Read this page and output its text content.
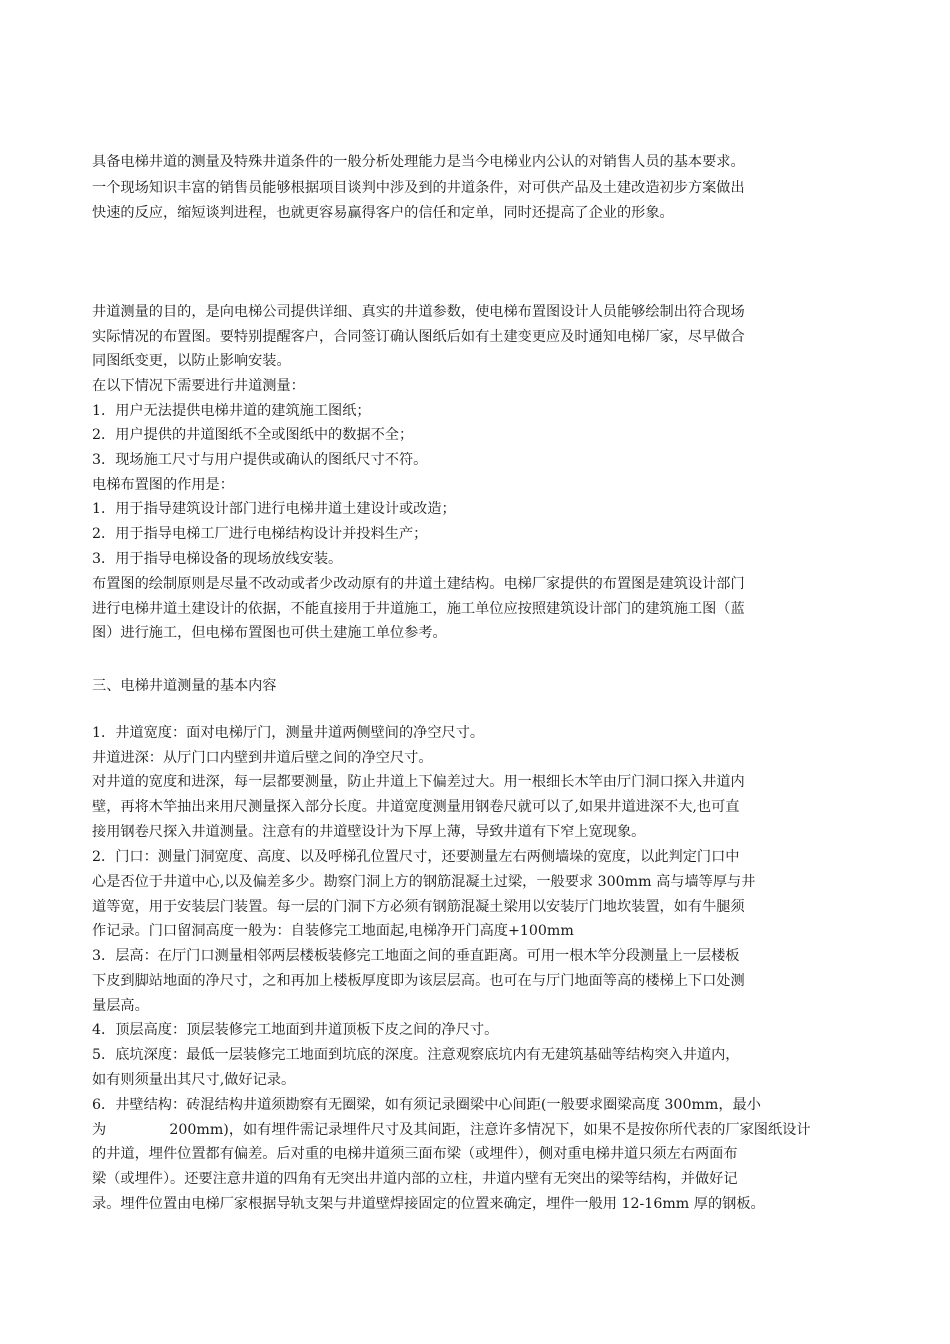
具备电梯井道的测量及特殊井道条件的一般分析处理能力是当今电梯业内公认的对销售人员的基本要求。
一个现场知识丰富的销售员能够根据项目谈判中涉及到的井道条件，对可供产品及土建改造初步方案做出
快速的反应，缩短谈判进程，也就更容易赢得客户的信任和定单，同时还提高了企业的形象。
井道测量的目的，是向电梯公司提供详细、真实的井道参数，使电梯布置图设计人员能够绘制出符合现场
实际情况的布置图。要特别提醒客户，合同签订确认图纸后如有土建变更应及时通知电梯厂家，尽早做合
同图纸变更，以防止影响安装。
在以下情况下需要进行井道测量：
1．用户无法提供电梯井道的建筑施工图纸；
2．用户提供的井道图纸不全或图纸中的数据不全；
3．现场施工尺寸与用户提供或确认的图纸尺寸不符。
电梯布置图的作用是：
1．用于指导建筑设计部门进行电梯井道土建设计或改造；
2．用于指导电梯工厂进行电梯结构设计并投料生产；
3．用于指导电梯设备的现场放线安装。
布置图的绘制原则是尽量不改动或者少改动原有的井道土建结构。电梯厂家提供的布置图是建筑设计部门
进行电梯井道土建设计的依据，不能直接用于井道施工，施工单位应按照建筑设计部门的建筑施工图（蓝
图）进行施工，但电梯布置图也可供土建施工单位参考。
三、电梯井道测量的基本内容
1．井道宽度：面对电梯厅门，测量井道两侧壁间的净空尺寸。
井道进深：从厅门口内壁到井道后壁之间的净空尺寸。
对井道的宽度和进深，每一层都要测量，防止井道上下偏差过大。用一根细长木竿由厅门洞口探入井道内
壁，再将木竿抽出来用尺测量探入部分长度。井道宽度测量用钢卷尺就可以了,如果井道进深不大,也可直
接用钢卷尺探入井道测量。注意有的井道壁设计为下厚上薄，导致井道有下窄上宽现象。
2．门口：测量门洞宽度、高度、以及呼梯孔位置尺寸，还要测量左右两侧墙垛的宽度，以此判定门口中
心是否位于井道中心,以及偏差多少。勘察门洞上方的钢筋混凝土过梁，一般要求 300mm 高与墙等厚与井
道等宽，用于安装层门装置。每一层的门洞下方必须有钢筋混凝土梁用以安装厅门地坎装置，如有牛腿须
作记录。门口留洞高度一般为：自装修完工地面起,电梯净开门高度+100mm
3．层高：在厅门口测量相邻两层楼板装修完工地面之间的垂直距离。可用一根木竿分段测量上一层楼板
下皮到脚站地面的净尺寸，之和再加上楼板厚度即为该层层高。也可在与厅门地面等高的楼梯上下口处测
量层高。
4．顶层高度：顶层装修完工地面到井道顶板下皮之间的净尺寸。
5．底坑深度：最低一层装修完工地面到坑底的深度。注意观察底坑内有无建筑基础等结构突入井道内，
如有则须量出其尺寸,做好记录。
6．井壁结构：砖混结构井道须勘察有无圈梁，如有须记录圈梁中心间距(一般要求圈梁高度 300mm，最小
为              200mm)，如有埋件需记录埋件尺寸及其间距，注意许多情况下，如果不是按你所代表的厂家图纸设计
的井道，埋件位置都有偏差。后对重的电梯井道须三面布梁（或埋件），侧对重电梯井道只须左右两面布
梁（或埋件）。还要注意井道的四角有无突出井道内部的立柱，井道内壁有无突出的梁等结构，并做好记
录。埋件位置由电梯厂家根据导轨支架与井道壁焊接固定的位置来确定，埋件一般用 12-16mm 厚的钢板。
